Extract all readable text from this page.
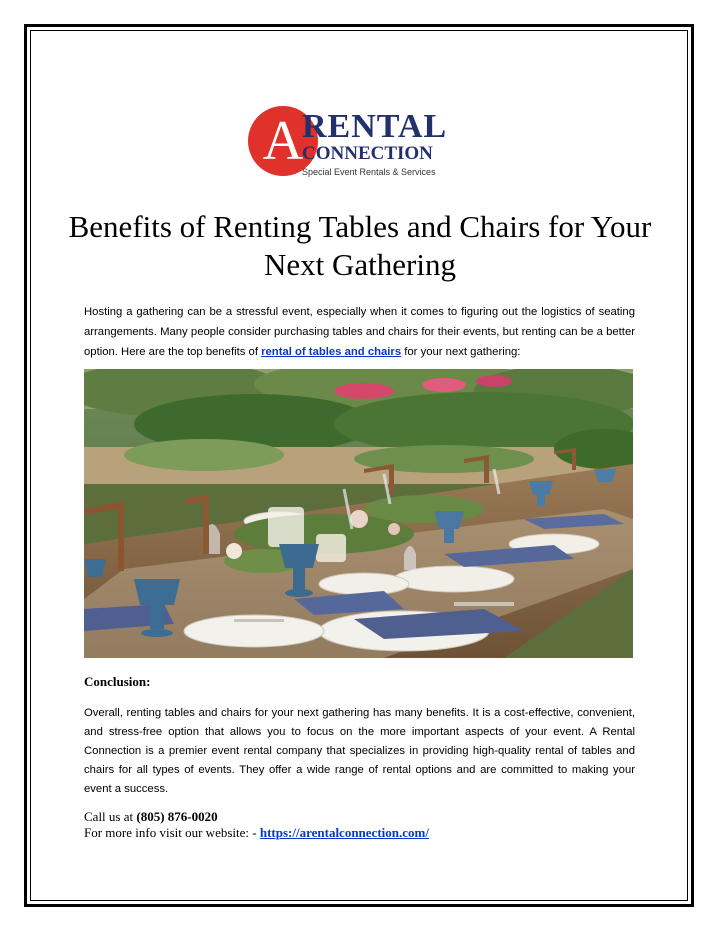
A
RENTAL
CONNECTION
Special Event Rentals & Services
Benefits of Renting Tables and Chairs for Your Next Gathering

Hosting a gathering can be a stressful event, especially when it comes to figuring out the logistics of seating arrangements. Many people consider purchasing tables and chairs for their events, but renting can be a better option. Here are the top benefits of rental of tables and chairs for your next gathering:

Conclusion:

Overall, renting tables and chairs for your next gathering has many benefits. It is a cost-effective, convenient, and stress-free option that allows you to focus on the more important aspects of your event. A Rental Connection is a premier event rental company that specializes in providing high-quality rental of tables and chairs for all types of events. They offer a wide range of rental options and are committed to making your event a success.

Call us at (805) 876-0020

For more info visit our website: - https://arentalconnection.com/
